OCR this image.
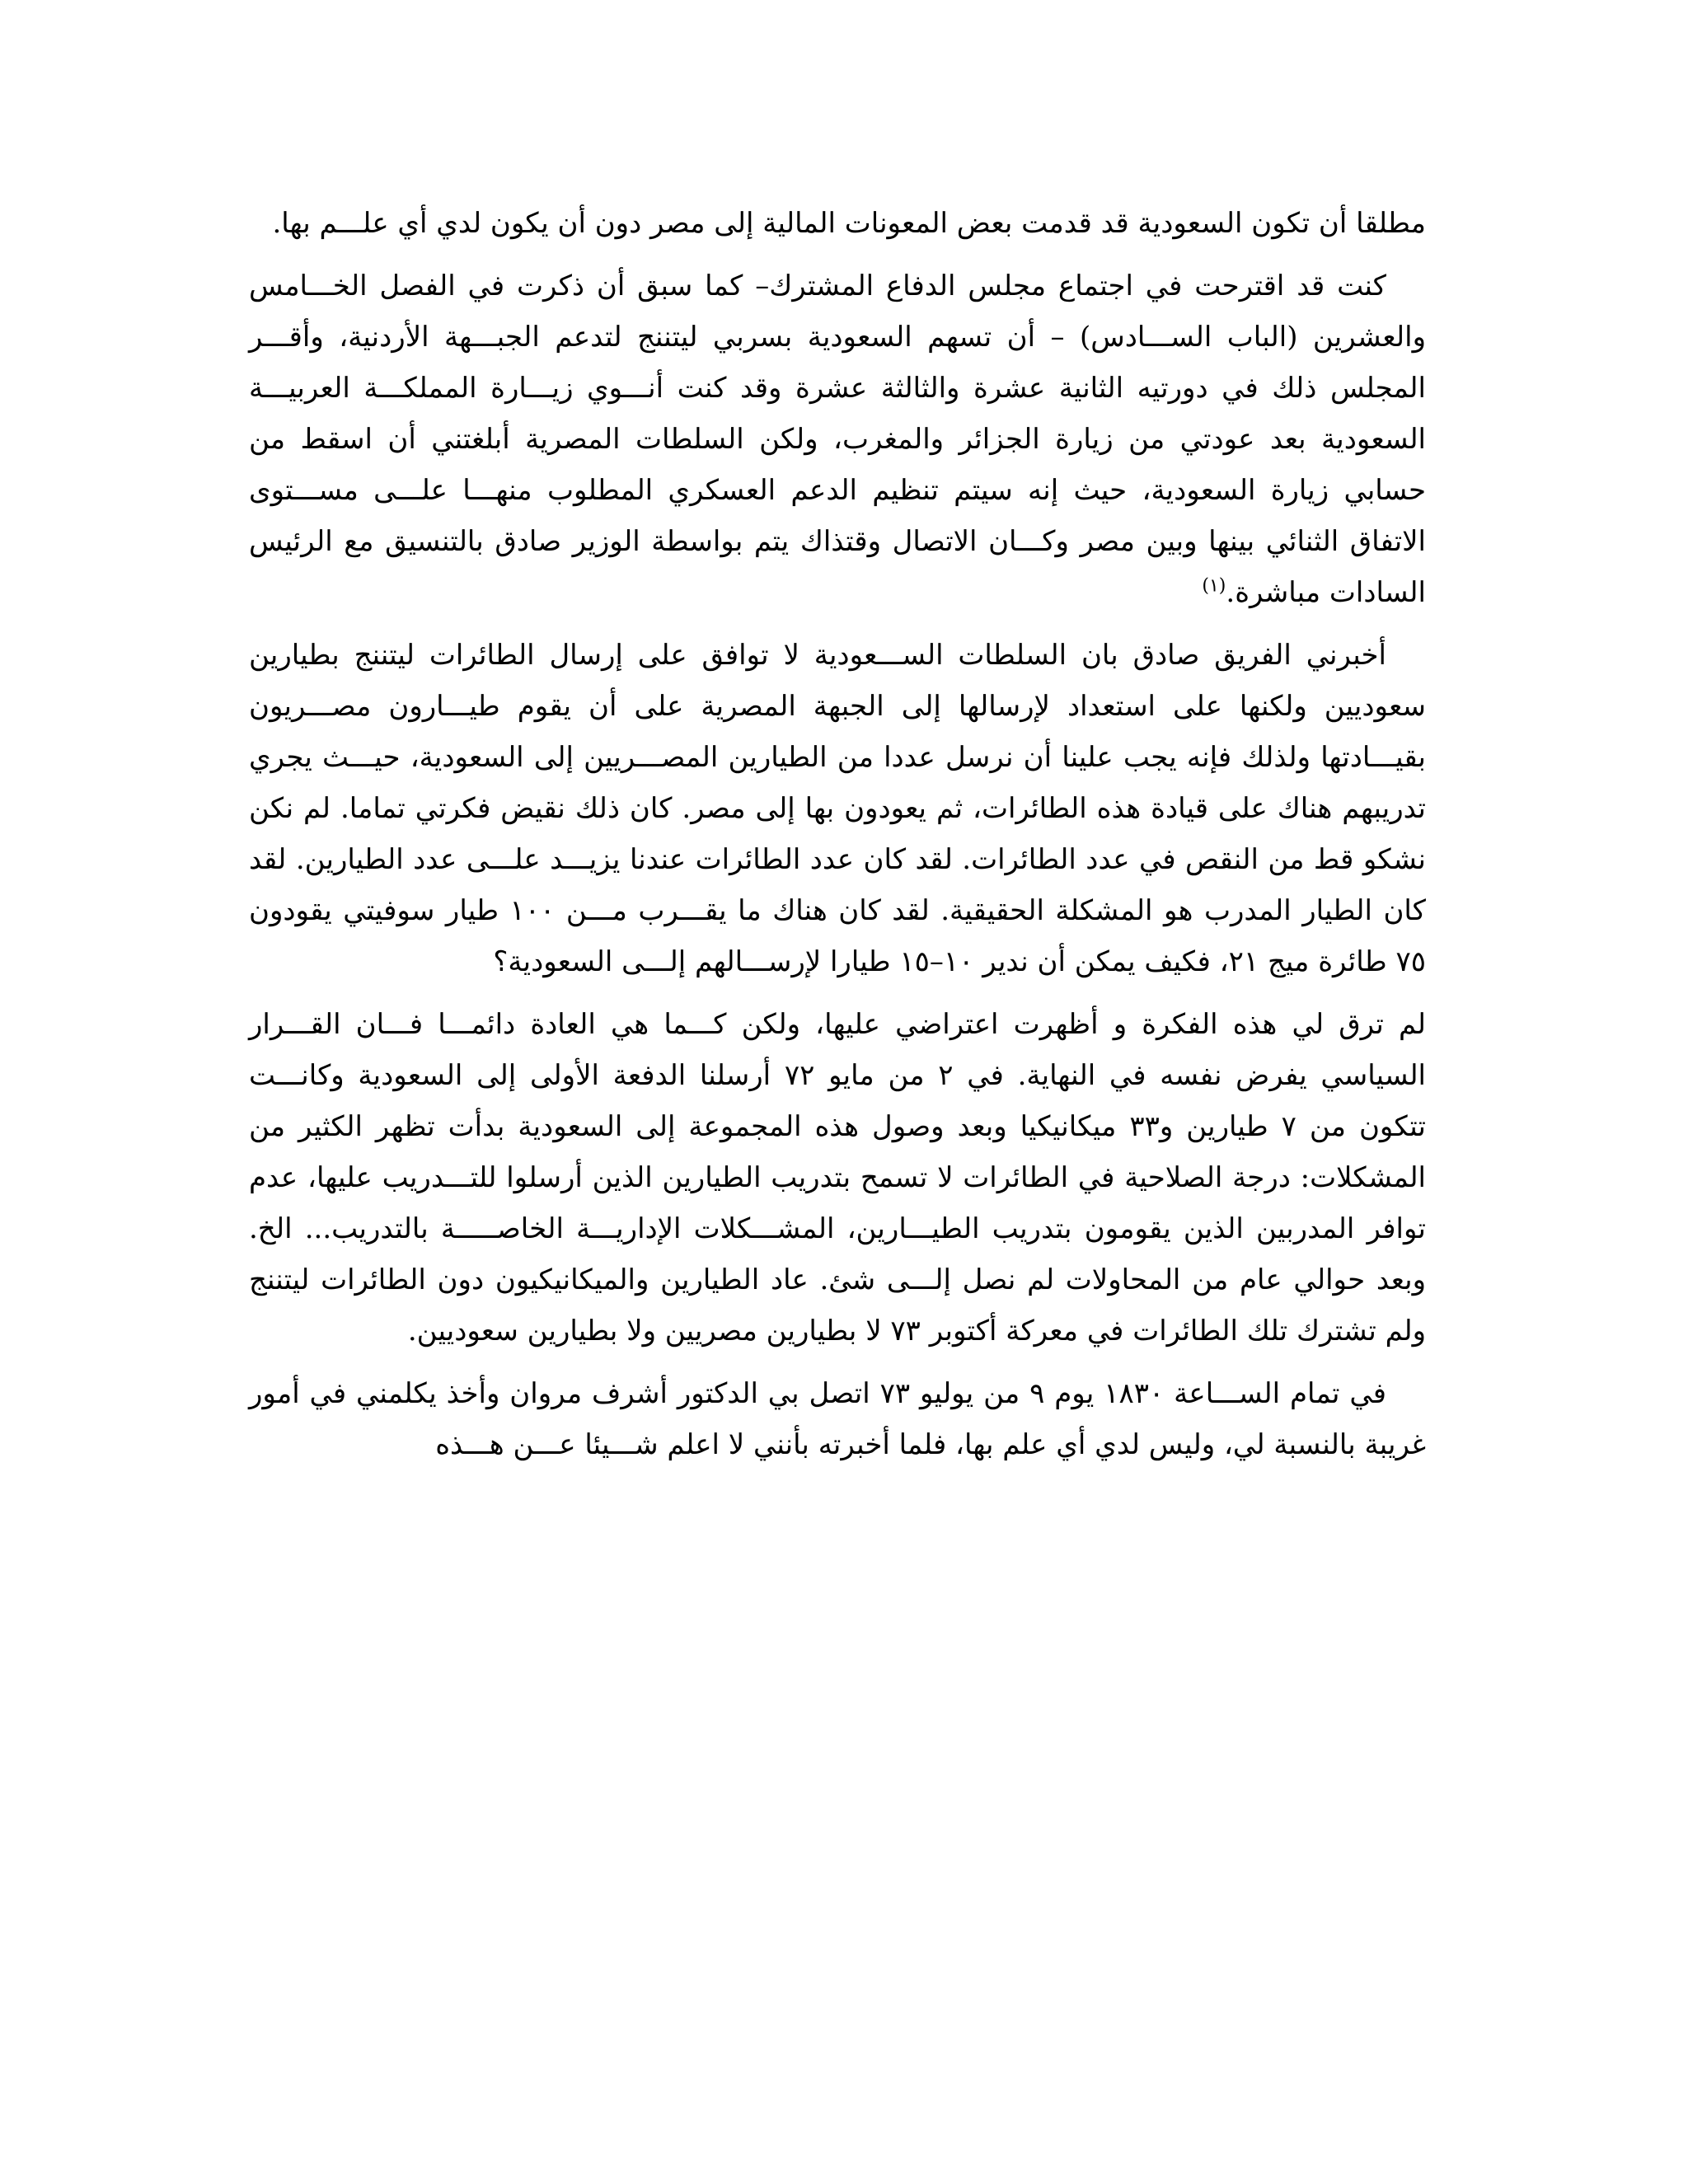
مطلقا أن تكون السعودية قد قدمت بعض المعونات المالية إلى مصر دون أن يكون لدي أي علـــم بها.

كنت قد اقترحت في اجتماع مجلس الدفاع المشترك– كما سبق أن ذكرت في الفصل الخـــامس والعشرين (الباب الســـادس) – أن تسهم السعودية بسربي ليتننج لتدعم الجبـــهة الأردنية، وأقـــر المجلس ذلك في دورتيه الثانية عشرة والثالثة عشرة وقد كنت أنـــوي زيـــارة المملكـــة العربيـــة السعودية بعد عودتي من زيارة الجزائر والمغرب، ولكن السلطات المصرية أبلغتني أن اسقط من حسابي زيارة السعودية، حيث إنه سيتم تنظيم الدعم العسكري المطلوب منهـــا علـــى مســـتوى الاتفاق الثنائي بينها وبين مصر وكـــان الاتصال وقتذاك يتم بواسطة الوزير صادق بالتنسيق مع الرئيس السادات مباشرة.$^{(١)}$

أخبرني الفريق صادق بان السلطات الســـعودية لا توافق على إرسال الطائرات ليتننج بطيارين سعوديين ولكنها على استعداد لإرسالها إلى الجبهة المصرية على أن يقوم طيـــارون مصـــريون بقيـــادتها ولذلك فإنه يجب علينا أن نرسل عددا من الطيارين المصـــريين إلى السعودية، حيـــث يجري تدريبهم هناك على قيادة هذه الطائرات، ثم يعودون بها إلى مصر. كان ذلك نقيض فكرتي تماما. لم نكن نشكو قط من النقص في عدد الطائرات. لقد كان عدد الطائرات عندنا يزيـــد علـــى عدد الطيارين. لقد كان الطيار المدرب هو المشكلة الحقيقية. لقد كان هناك ما يقـــرب مـــن ١٠٠ طيار سوفيتي يقودون ٧٥ طائرة ميج ٢١، فكيف يمكن أن ندير ١٠–١٥ طيارا لإرســـالهم إلـــى السعودية؟

لم ترق لي هذه الفكرة و أظهرت اعتراضي عليها، ولكن كـــما هي العادة دائمـــا فـــان القـــرار السياسي يفرض نفسه في النهاية. في ٢ من مايو ٧٢ أرسلنا الدفعة الأولى إلى السعودية وكانـــت تتكون من ٧ طيارين و٣٣ ميكانيكيا وبعد وصول هذه المجموعة إلى السعودية بدأت تظهر الكثير من المشكلات: درجة الصلاحية في الطائرات لا تسمح بتدريب الطيارين الذين أرسلوا للتـــدريب عليها، عدم توافر المدربين الذين يقومون بتدريب الطيـــارين، المشـــكلات الإداريـــة الخاصـــــة بالتدريب... الخ. وبعد حوالي عام من المحاولات لم نصل إلـــى شئ. عاد الطيارين والميكانيكيون دون الطائرات ليتننج ولم تشترك تلك الطائرات في معركة أكتوبر ٧٣ لا بطيارين مصريين ولا بطيارين سعوديين.

في تمام الســـاعة ١٨٣٠ يوم ٩ من يوليو ٧٣ اتصل بي الدكتور أشرف مروان وأخذ يكلمني في أمور غريبة بالنسبة لي، وليس لدي أي علم بها، فلما أخبرته بأنني لا اعلم شـــيئا عـــن هـــذه
